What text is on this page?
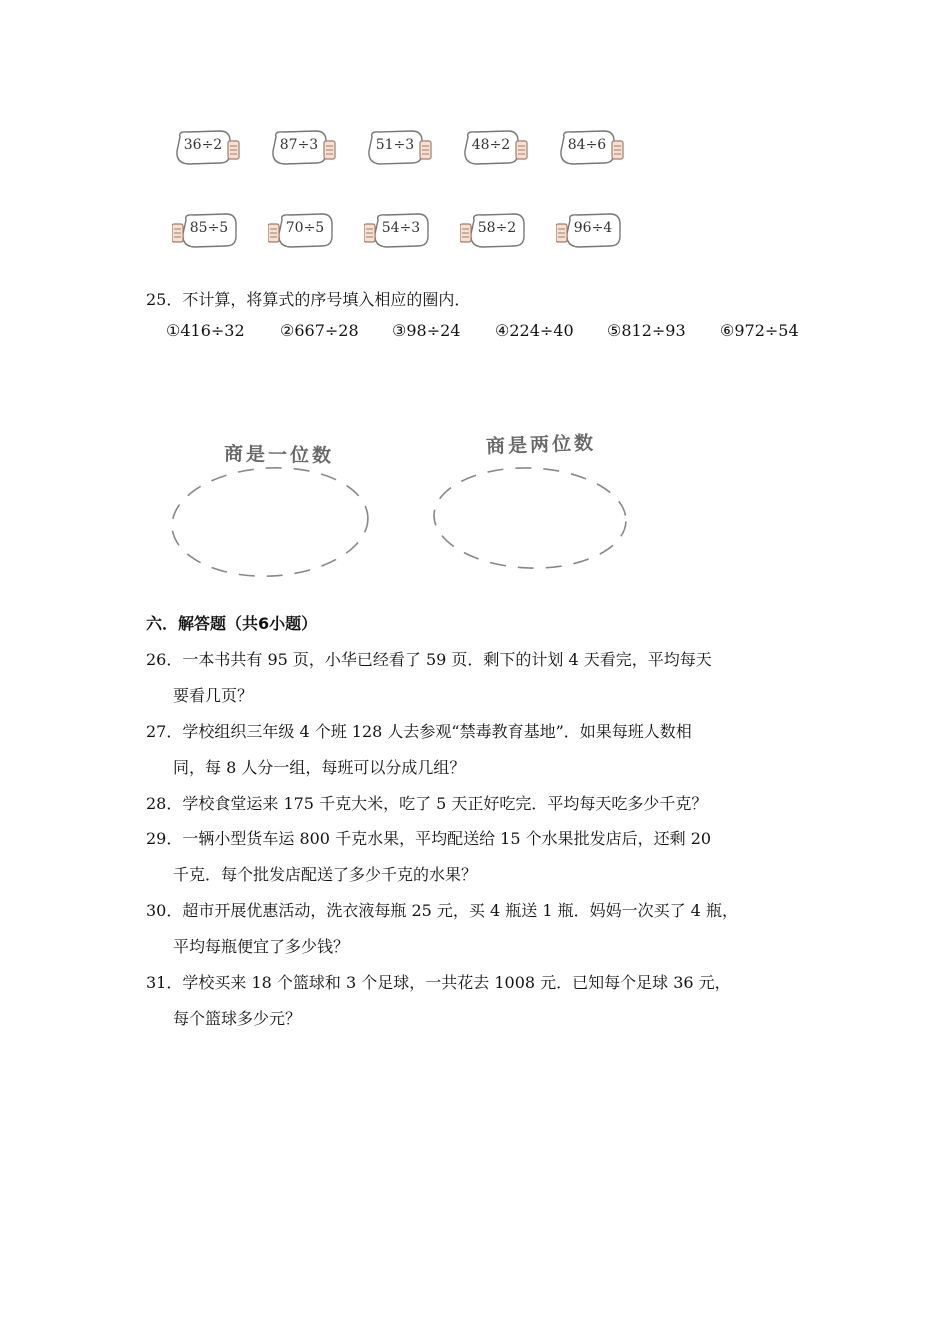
25．不计算，将算式的序号填入相应的圈内．
①416÷32 ②667÷28 ③98÷24 ④224÷40 ⑤812÷93 ⑥972÷54
商是一位数	商是两位数
六．解答题（共6小题）
26．一本书共有 95 页，小华已经看了 59 页．剩下的计划 4 天看完，平均每天
要看几页？
27．学校组织三年级 4 个班 128 人去参观“禁毒教育基地”．如果每班人数相
同，每 8 人分一组，每班可以分成几组？
28．学校食堂运来 175 千克大米，吃了 5 天正好吃完．平均每天吃多少千克？
29．一辆小型货车运 800 千克水果，平均配送给 15 个水果批发店后，还剩 20
千克．每个批发店配送了多少千克的水果？
30．超市开展优惠活动，洗衣液每瓶 25 元，买 4 瓶送 1 瓶．妈妈一次买了 4 瓶，
平均每瓶便宜了多少钱？
31．学校买来 18 个篮球和 3 个足球，一共花去 1008 元．已知每个足球 36 元，
每个篮球多少元？
36÷2	87÷3	51÷3	48÷2	84÷6
85÷5	70÷5	54÷3	58÷2	96÷4
